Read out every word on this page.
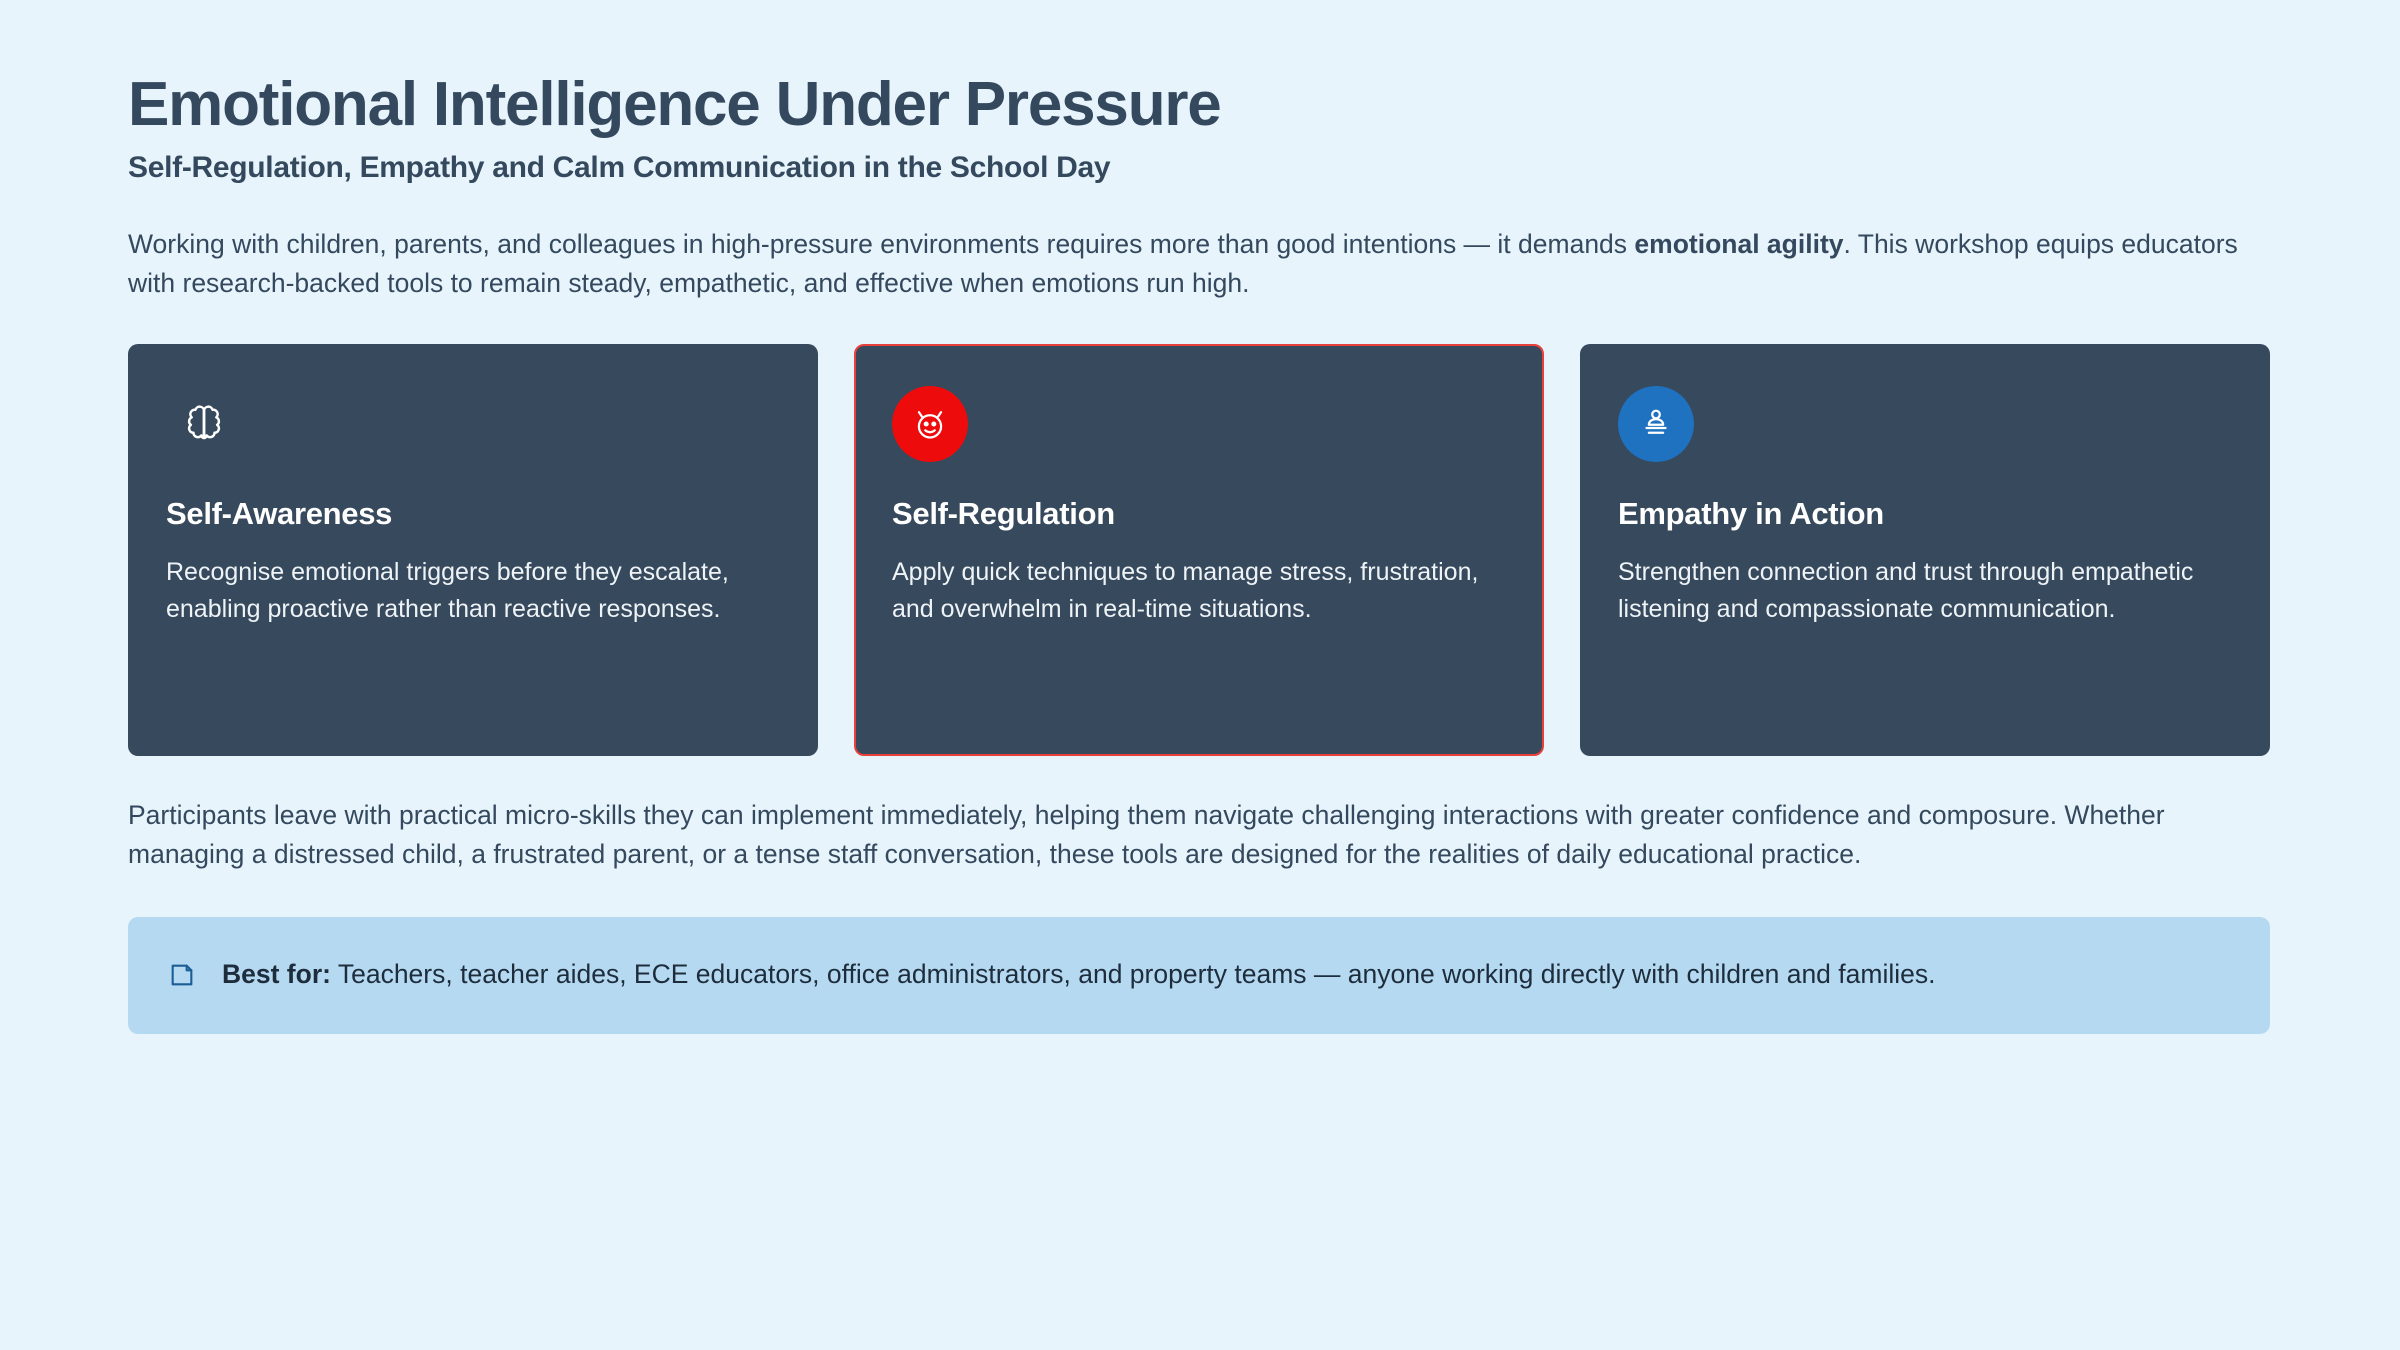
Emotional Intelligence Under Pressure
Self-Regulation, Empathy and Calm Communication in the School Day

Working with children, parents, and colleagues in high-pressure environments requires more than good intentions — it demands emotional agility. This workshop equips educators with research-backed tools to remain steady, empathetic, and effective when emotions run high.

Self-Awareness

Recognise emotional triggers before they escalate, enabling proactive rather than reactive responses.

Self-Regulation

Apply quick techniques to manage stress, frustration, and overwhelm in real-time situations.

Empathy in Action

Strengthen connection and trust through empathetic listening and compassionate communication.

Participants leave with practical micro-skills they can implement immediately, helping them navigate challenging interactions with greater confidence and composure. Whether managing a distressed child, a frustrated parent, or a tense staff conversation, these tools are designed for the realities of daily educational practice.

Best for: Teachers, teacher aides, ECE educators, office administrators, and property teams — anyone working directly with children and families.
